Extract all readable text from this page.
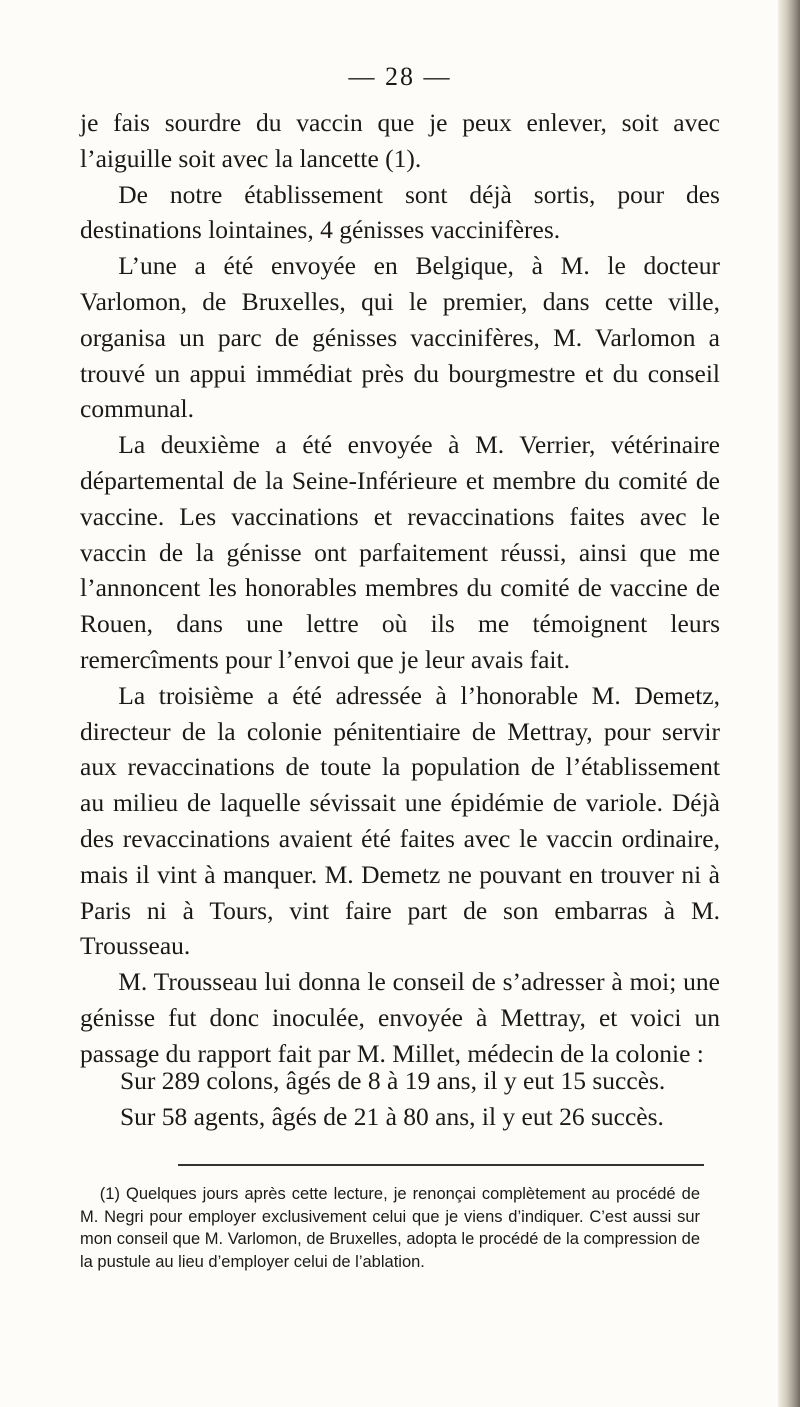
— 28 —

je fais sourdre du vaccin que je peux enlever, soit avec l’aiguille soit avec la lancette (1).

De notre établissement sont déjà sortis, pour des destinations lointaines, 4 génisses vaccinifères.

L’une a été envoyée en Belgique, à M. le docteur Varlomon, de Bruxelles, qui le premier, dans cette ville, organisa un parc de génisses vaccinifères, M. Varlomon a trouvé un appui immédiat près du bourgmestre et du conseil communal.

La deuxième a été envoyée à M. Verrier, vétérinaire départemental de la Seine-Inférieure et membre du comité de vaccine. Les vaccinations et revaccinations faites avec le vaccin de la génisse ont parfaitement réussi, ainsi que me l’annoncent les honorables membres du comité de vaccine de Rouen, dans une lettre où ils me témoignent leurs remercîments pour l’envoi que je leur avais fait.

La troisième a été adressée à l’honorable M. Demetz, directeur de la colonie pénitentiaire de Mettray, pour servir aux revaccinations de toute la population de l’établissement au milieu de laquelle sévissait une épidémie de variole. Déjà des revaccinations avaient été faites avec le vaccin ordinaire, mais il vint à manquer. M. Demetz ne pouvant en trouver ni à Paris ni à Tours, vint faire part de son embarras à M. Trousseau.

M. Trousseau lui donna le conseil de s’adresser à moi; une génisse fut donc inoculée, envoyée à Mettray, et voici un passage du rapport fait par M. Millet, médecin de la colonie :

Sur 289 colons, âgés de 8 à 19 ans, il y eut 15 succès.
Sur 58 agents, âgés de 21 à 80 ans, il y eut 26 succès.

(1) Quelques jours après cette lecture, je renonçai complètement au procédé de M. Negri pour employer exclusivement celui que je viens d’indiquer. C’est aussi sur mon conseil que M. Varlomon, de Bruxelles, adopta le procédé de la compression de la pustule au lieu d’employer celui de l’ablation.
